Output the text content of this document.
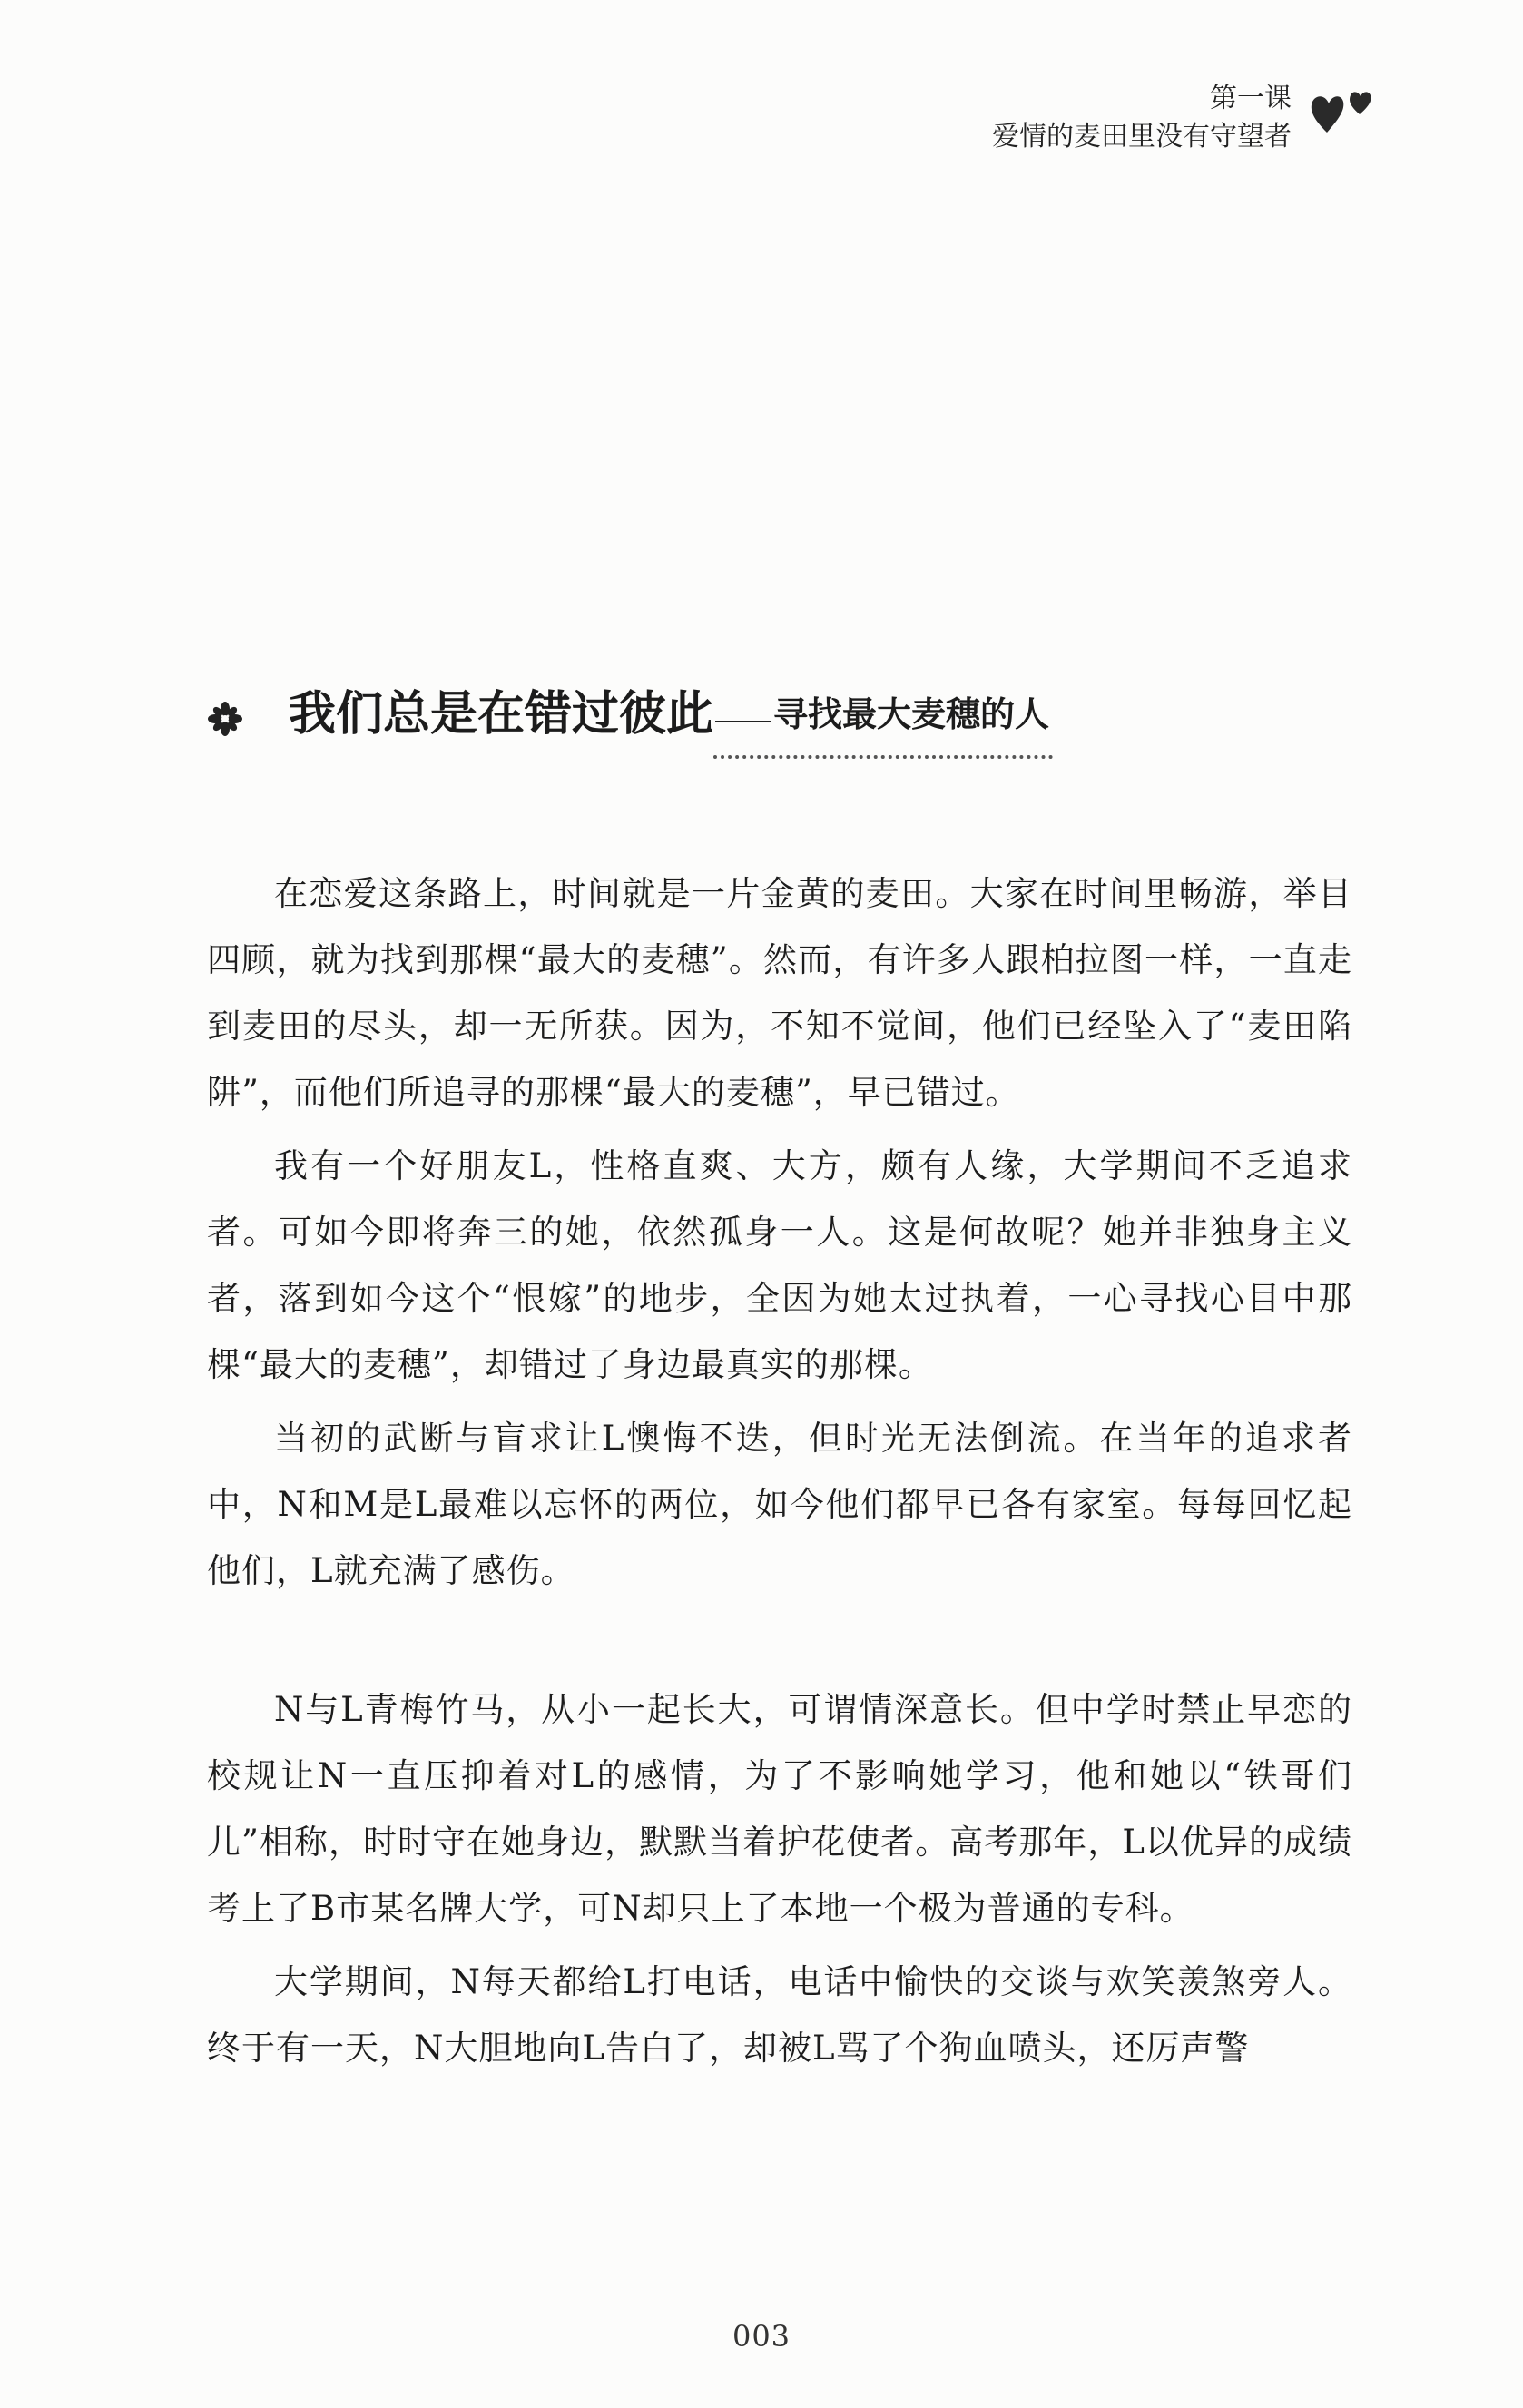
第一课
爱情的麦田里没有守望者
我们总是在错过彼此 寻找最大麦穗的人

在恋爱这条路上，时间就是一片金黄的麦田。大家在时间里畅游，举目四顾，就为找到那棵“最大的麦穗”。然而，有许多人跟柏拉图一样，一直走到麦田的尽头，却一无所获。因为，不知不觉间，他们已经坠入了“麦田陷阱”，而他们所追寻的那棵“最大的麦穗”，早已错过。

我有一个好朋友L，性格直爽、大方，颇有人缘，大学期间不乏追求者。可如今即将奔三的她，依然孤身一人。这是何故呢？她并非独身主义者，落到如今这个“恨嫁”的地步，全因为她太过执着，一心寻找心目中那棵“最大的麦穗”，却错过了身边最真实的那棵。

当初的武断与盲求让L懊悔不迭，但时光无法倒流。在当年的追求者中，N和M是L最难以忘怀的两位，如今他们都早已各有家室。每每回忆起他们，L就充满了感伤。

N与L青梅竹马，从小一起长大，可谓情深意长。但中学时禁止早恋的校规让N一直压抑着对L的感情，为了不影响她学习，他和她以“铁哥们儿”相称，时时守在她身边，默默当着护花使者。高考那年，L以优异的成绩考上了B市某名牌大学，可N却只上了本地一个极为普通的专科。

大学期间，N每天都给L打电话，电话中愉快的交谈与欢笑羡煞旁人。终于有一天，N大胆地向L告白了，却被L骂了个狗血喷头，还厉声警

003
